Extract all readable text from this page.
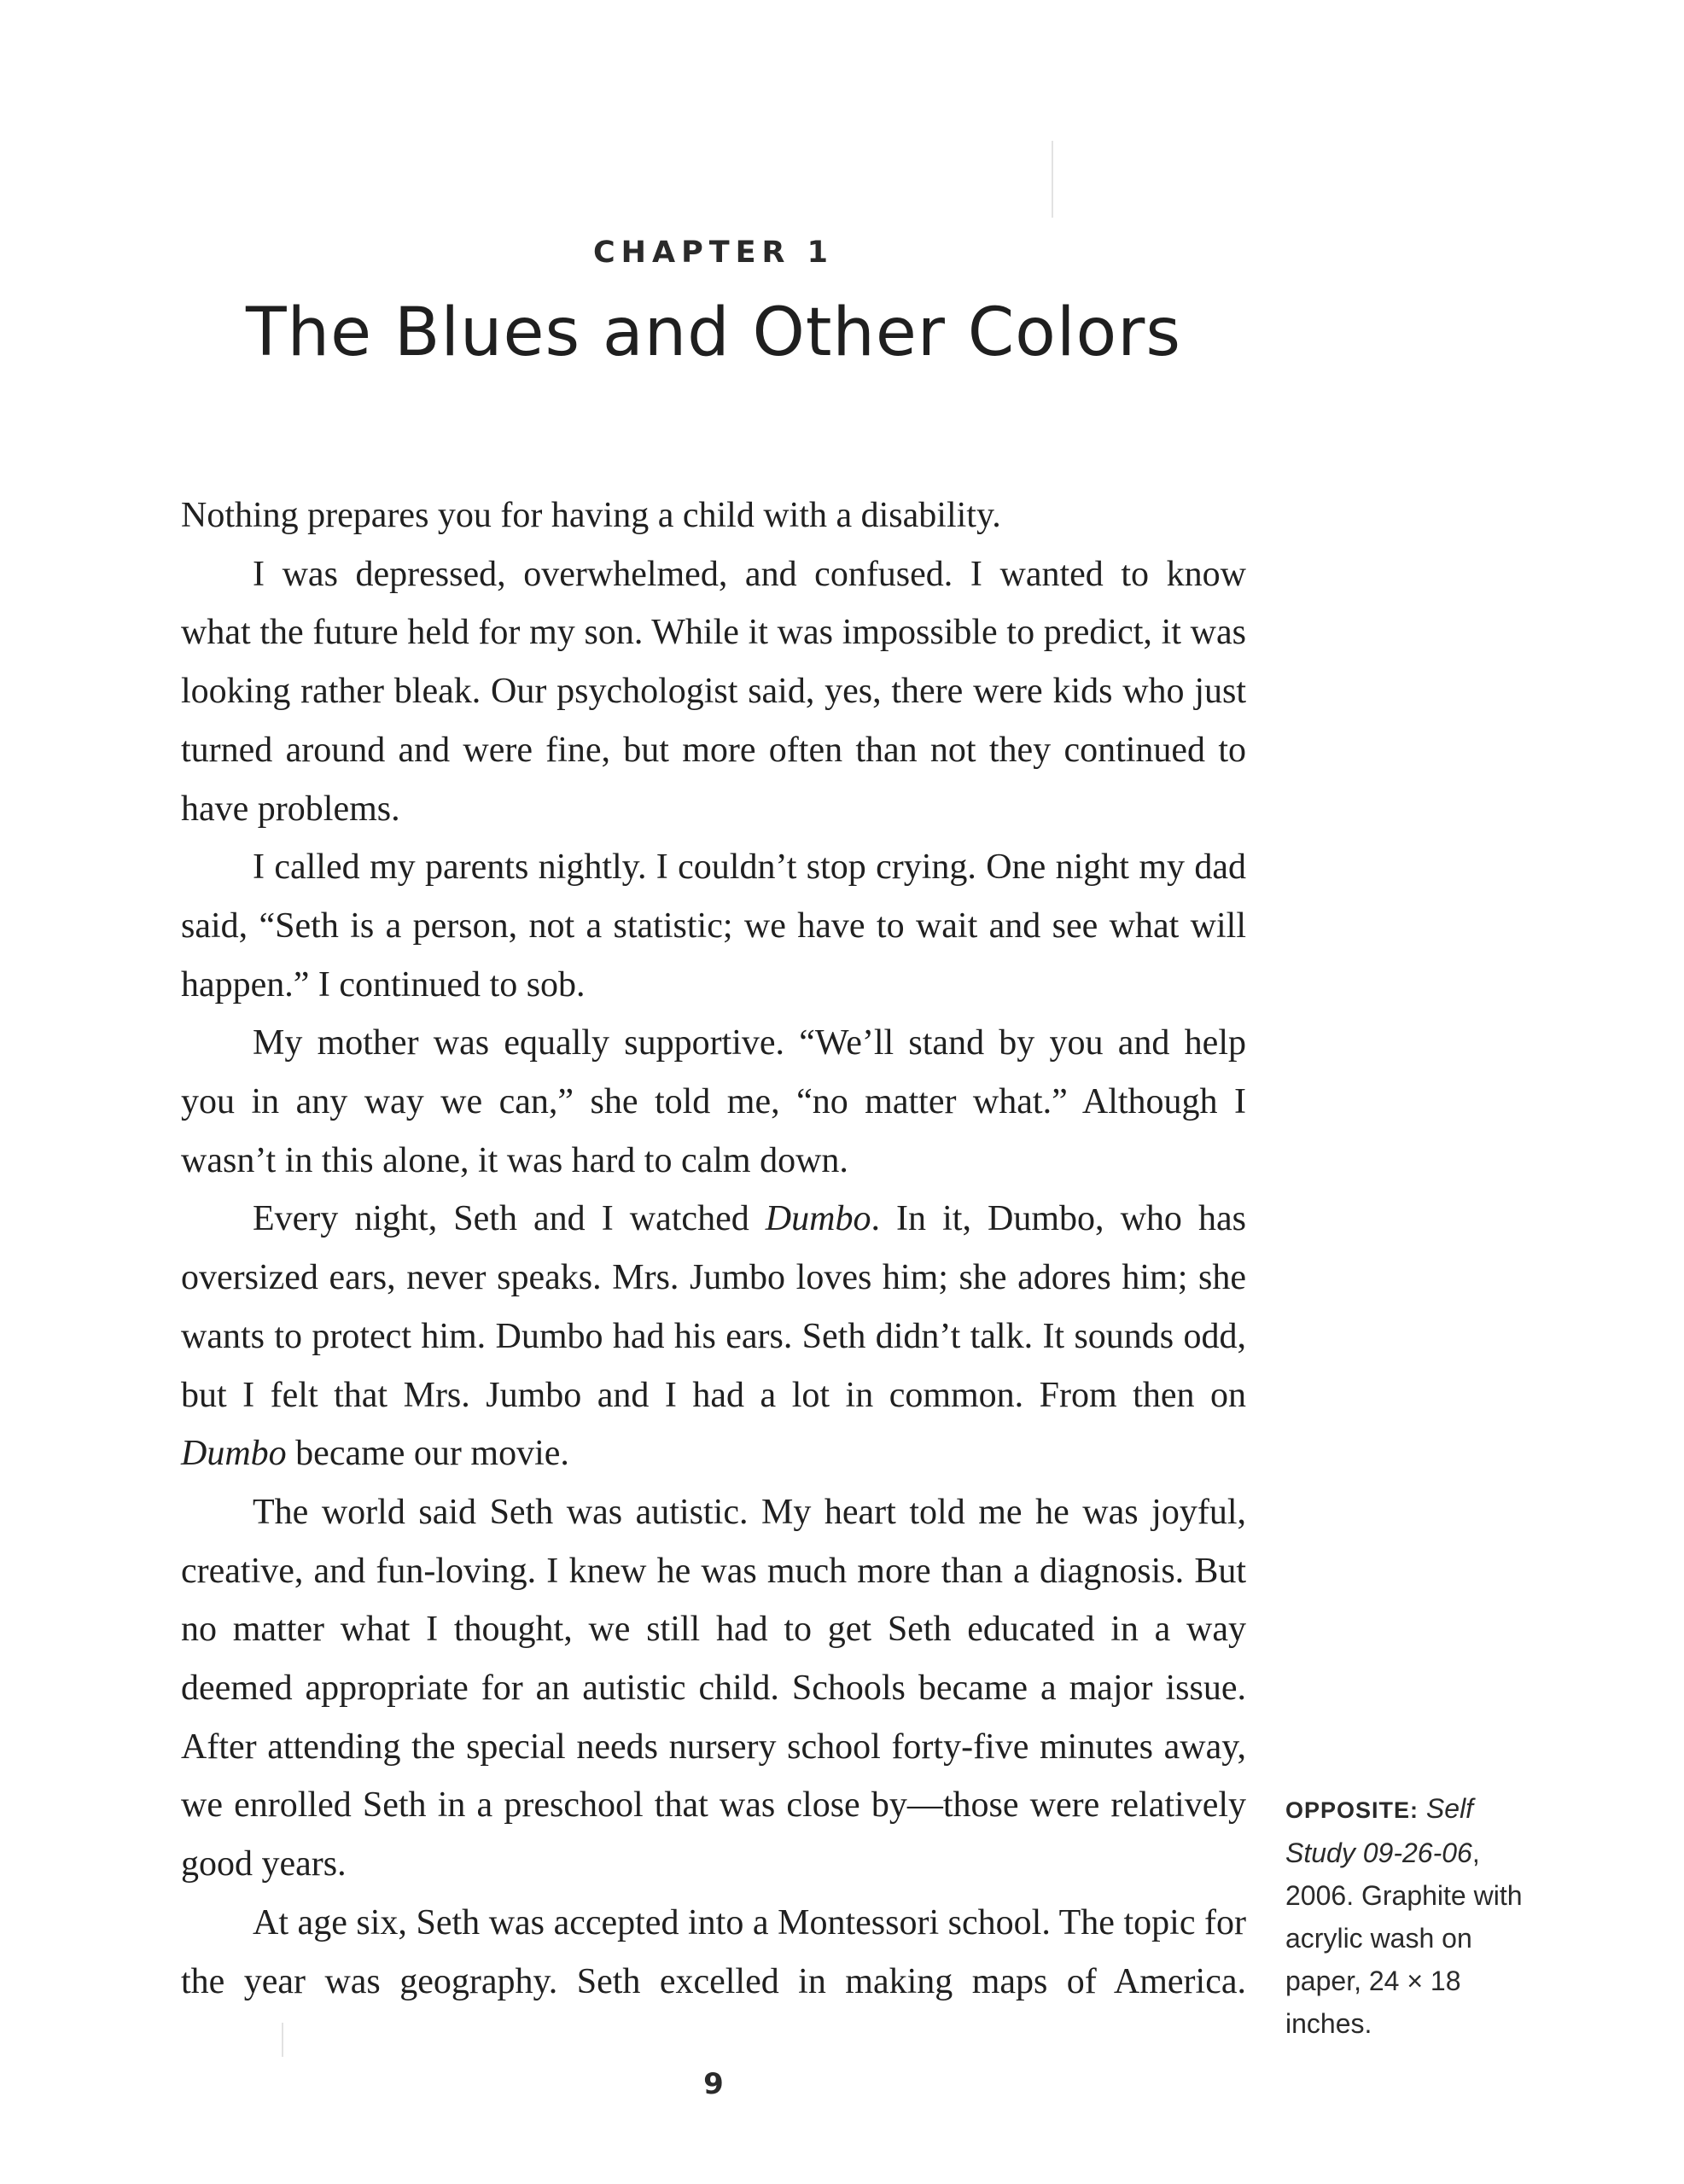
CHAPTER 1
The Blues and Other Colors

Nothing prepares you for having a child with a disability.

I was depressed, overwhelmed, and confused. I wanted to know what the future held for my son. While it was impossible to predict, it was looking rather bleak. Our psychologist said, yes, there were kids who just turned around and were fine, but more often than not they continued to have problems.

I called my parents nightly. I couldn’t stop crying. One night my dad said, “Seth is a person, not a statistic; we have to wait and see what will happen.” I continued to sob.

My mother was equally supportive. “We’ll stand by you and help you in any way we can,” she told me, “no matter what.” Although I wasn’t in this alone, it was hard to calm down.

Every night, Seth and I watched Dumbo. In it, Dumbo, who has oversized ears, never speaks. Mrs. Jumbo loves him; she adores him; she wants to protect him. Dumbo had his ears. Seth didn’t talk. It sounds odd, but I felt that Mrs. Jumbo and I had a lot in common. From then on Dumbo became our movie.

The world said Seth was autistic. My heart told me he was joyful, creative, and fun-loving. I knew he was much more than a diagnosis. But no matter what I thought, we still had to get Seth educated in a way deemed appropriate for an autistic child. Schools became a major issue. After attending the special needs nursery school forty-five minutes away, we enrolled Seth in a preschool that was close by—those were relatively good years.

At age six, Seth was accepted into a Montessori school. The topic for the year was geography. Seth excelled in making maps of America.

OPPOSITE: Self Study 09-26-06, 2006. Graphite with acrylic wash on paper, 24 × 18 inches.
9
